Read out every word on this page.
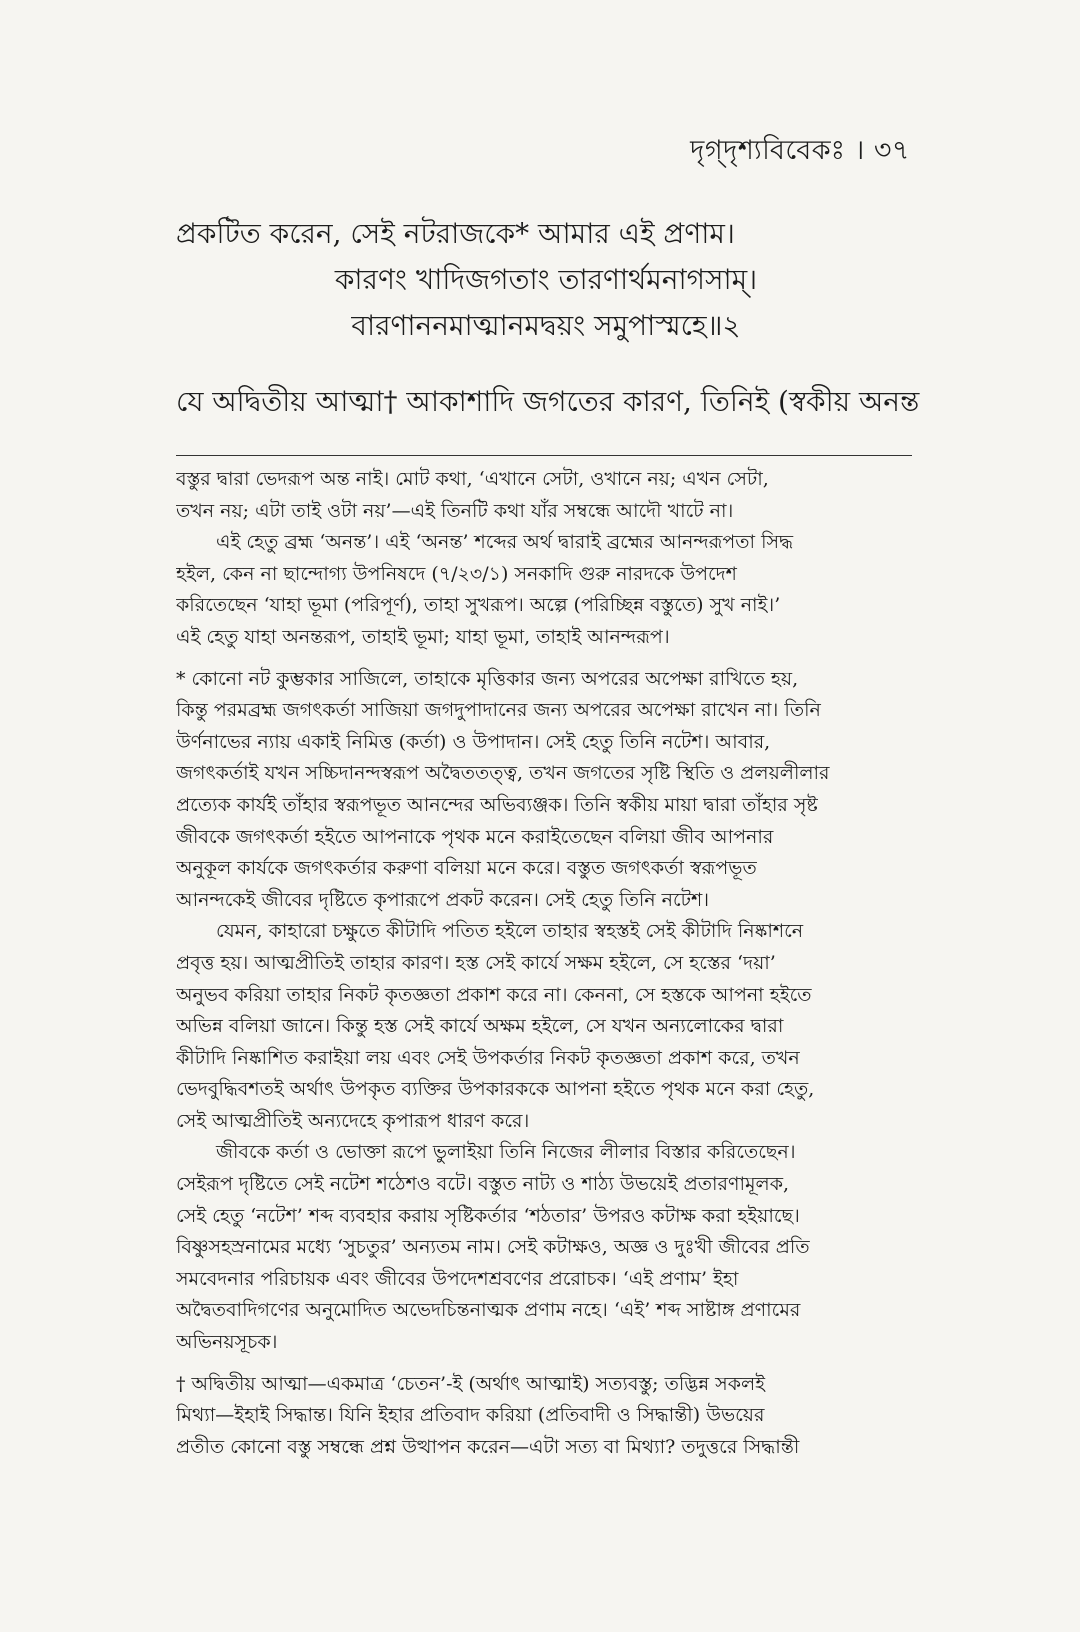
দৃগ্‌দৃশ্যবিবেকঃ । ৩৭
প্রকটিত করেন, সেই নটরাজকে* আমার এই প্রণাম।
কারণং খাদিজগতাং তারণার্থমনাগসাম্‌।
বারণাননমাত্মানমদ্বয়ং সমুপাস্মহে॥২
যে অদ্বিতীয় আত্মা† আকাশাদি জগতের কারণ, তিনিই (স্বকীয় অনন্ত
বস্তুর দ্বারা ভেদরূপ অন্ত নাই। মোট কথা, ‘এখানে সেটা, ওখানে নয়; এখন সেটা,
তখন নয়; এটা তাই ওটা নয়’—এই তিনটি কথা যাঁর সম্বন্ধে আদৌ খাটে না।
এই হেতু ব্রহ্ম ‘অনন্ত’। এই ‘অনন্ত’ শব্দের অর্থ দ্বারাই ব্রহ্মের আনন্দরূপতা সিদ্ধ
হইল, কেন না ছান্দোগ্য উপনিষদে (৭/২৩/১) সনকাদি গুরু নারদকে উপদেশ
করিতেছেন ‘যাহা ভূমা (পরিপূর্ণ), তাহা সুখরূপ। অল্পে (পরিচ্ছিন্ন বস্তুতে) সুখ নাই।’
এই হেতু যাহা অনন্তরূপ, তাহাই ভূমা; যাহা ভূমা, তাহাই আনন্দরূপ।
* কোনো নট কুম্ভকার সাজিলে, তাহাকে মৃত্তিকার জন্য অপরের অপেক্ষা রাখিতে হয়,
কিন্তু পরমব্রহ্ম জগৎকর্তা সাজিয়া জগদুপাদানের জন্য অপরের অপেক্ষা রাখেন না। তিনি
উর্ণনাভের ন্যায় একাই নিমিত্ত (কর্তা) ও উপাদান। সেই হেতু তিনি নটেশ। আবার,
জগৎকর্তাই যখন সচ্চিদানন্দস্বরূপ অদ্বৈততত্ত্ব, তখন জগতের সৃষ্টি স্থিতি ও প্রলয়লীলার
প্রত্যেক কার্যই তাঁহার স্বরূপভূত আনন্দের অভিব্যঞ্জক। তিনি স্বকীয় মায়া দ্বারা তাঁহার সৃষ্ট
জীবকে জগৎকর্তা হইতে আপনাকে পৃথক মনে করাইতেছেন বলিয়া জীব আপনার
অনুকূল কার্যকে জগৎকর্তার করুণা বলিয়া মনে করে। বস্তুত জগৎকর্তা স্বরূপভূত
আনন্দকেই জীবের দৃষ্টিতে কৃপারূপে প্রকট করেন। সেই হেতু তিনি নটেশ।
যেমন, কাহারো চক্ষুতে কীটাদি পতিত হইলে তাহার স্বহস্তই সেই কীটাদি নিষ্কাশনে
প্রবৃত্ত হয়। আত্মপ্রীতিই তাহার কারণ। হস্ত সেই কার্যে সক্ষম হইলে, সে হস্তের ‘দয়া’
অনুভব করিয়া তাহার নিকট কৃতজ্ঞতা প্রকাশ করে না। কেননা, সে হস্তকে আপনা হইতে
অভিন্ন বলিয়া জানে। কিন্তু হস্ত সেই কার্যে অক্ষম হইলে, সে যখন অন্যলোকের দ্বারা
কীটাদি নিষ্কাশিত করাইয়া লয় এবং সেই উপকর্তার নিকট কৃতজ্ঞতা প্রকাশ করে, তখন
ভেদবুদ্ধিবশতই অর্থাৎ উপকৃত ব্যক্তির উপকারককে আপনা হইতে পৃথক মনে করা হেতু,
সেই আত্মপ্রীতিই অন্যদেহে কৃপারূপ ধারণ করে।
জীবকে কর্তা ও ভোক্তা রূপে ভুলাইয়া তিনি নিজের লীলার বিস্তার করিতেছেন।
সেইরূপ দৃষ্টিতে সেই নটেশ শঠেশও বটে। বস্তুত নাট্য ও শাঠ্য উভয়েই প্রতারণামূলক,
সেই হেতু ‘নটেশ’ শব্দ ব্যবহার করায় সৃষ্টিকর্তার ‘শঠতার’ উপরও কটাক্ষ করা হইয়াছে।
বিষ্ণুসহস্রনামের মধ্যে ‘সুচতুর’ অন্যতম নাম। সেই কটাক্ষও, অজ্ঞ ও দুঃখী জীবের প্রতি
সমবেদনার পরিচায়ক এবং জীবের উপদেশশ্রবণের প্ররোচক। ‘এই প্রণাম’ ইহা
অদ্বৈতবাদিগণের অনুমোদিত অভেদচিন্তনাত্মক প্রণাম নহে। ‘এই’ শব্দ সাষ্টাঙ্গ প্রণামের
অভিনয়সূচক।
† অদ্বিতীয় আত্মা—একমাত্র ‘চেতন’-ই (অর্থাৎ আত্মাই) সত্যবস্তু; তদ্ভিন্ন সকলই
মিথ্যা—ইহাই সিদ্ধান্ত। যিনি ইহার প্রতিবাদ করিয়া (প্রতিবাদী ও সিদ্ধান্তী) উভয়ের
প্রতীত কোনো বস্তু সম্বন্ধে প্রশ্ন উত্থাপন করেন—এটা সত্য বা মিথ্যা? তদুত্তরে সিদ্ধান্তী
